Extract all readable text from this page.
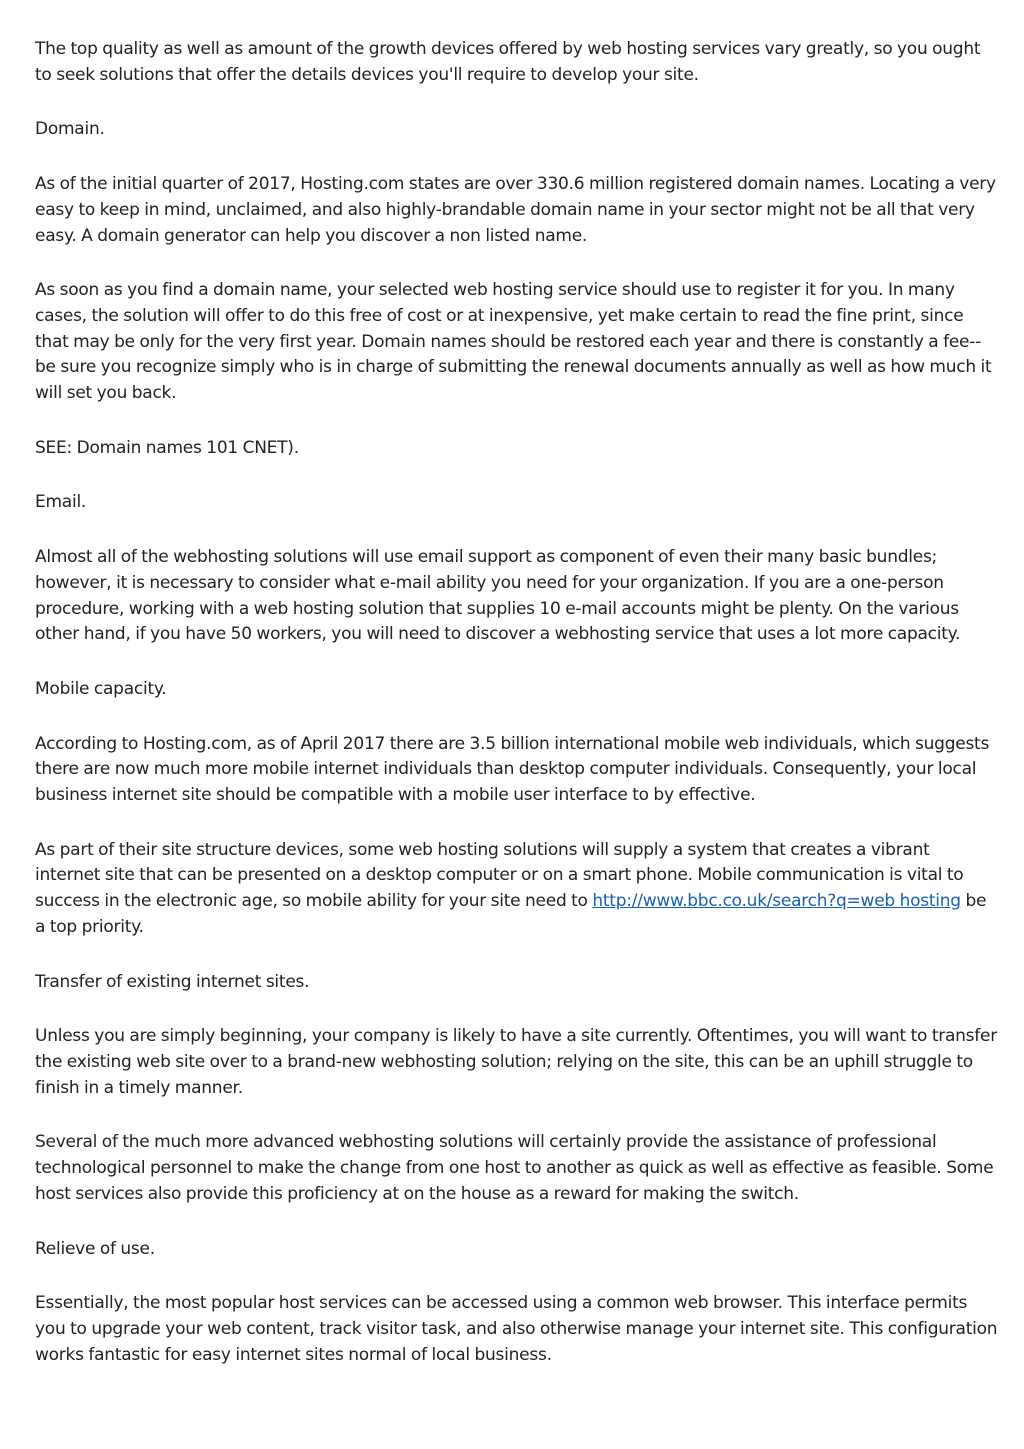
The top quality as well as amount of the growth devices offered by web hosting services vary greatly, so you ought to seek solutions that offer the details devices you'll require to develop your site.

Domain.

As of the initial quarter of 2017, Hosting.com states are over 330.6 million registered domain names. Locating a very easy to keep in mind, unclaimed, and also highly-brandable domain name in your sector might not be all that very easy. A domain generator can help you discover a non listed name.

As soon as you find a domain name, your selected web hosting service should use to register it for you. In many cases, the solution will offer to do this free of cost or at inexpensive, yet make certain to read the fine print, since that may be only for the very first year. Domain names should be restored each year and there is constantly a fee-- be sure you recognize simply who is in charge of submitting the renewal documents annually as well as how much it will set you back.

SEE: Domain names 101 CNET).

Email.

Almost all of the webhosting solutions will use email support as component of even their many basic bundles; however, it is necessary to consider what e-mail ability you need for your organization. If you are a one-person procedure, working with a web hosting solution that supplies 10 e-mail accounts might be plenty. On the various other hand, if you have 50 workers, you will need to discover a webhosting service that uses a lot more capacity.

Mobile capacity.

According to Hosting.com, as of April 2017 there are 3.5 billion international mobile web individuals, which suggests there are now much more mobile internet individuals than desktop computer individuals. Consequently, your local business internet site should be compatible with a mobile user interface to by effective.

As part of their site structure devices, some web hosting solutions will supply a system that creates a vibrant internet site that can be presented on a desktop computer or on a smart phone. Mobile communication is vital to success in the electronic age, so mobile ability for your site need to http://www.bbc.co.uk/search?q=web hosting be a top priority.

Transfer of existing internet sites.

Unless you are simply beginning, your company is likely to have a site currently. Oftentimes, you will want to transfer the existing web site over to a brand-new webhosting solution; relying on the site, this can be an uphill struggle to finish in a timely manner.

Several of the much more advanced webhosting solutions will certainly provide the assistance of professional technological personnel to make the change from one host to another as quick as well as effective as feasible. Some host services also provide this proficiency at on the house as a reward for making the switch.

Relieve of use.

Essentially, the most popular host services can be accessed using a common web browser. This interface permits you to upgrade your web content, track visitor task, and also otherwise manage your internet site. This configuration works fantastic for easy internet sites normal of local business.
